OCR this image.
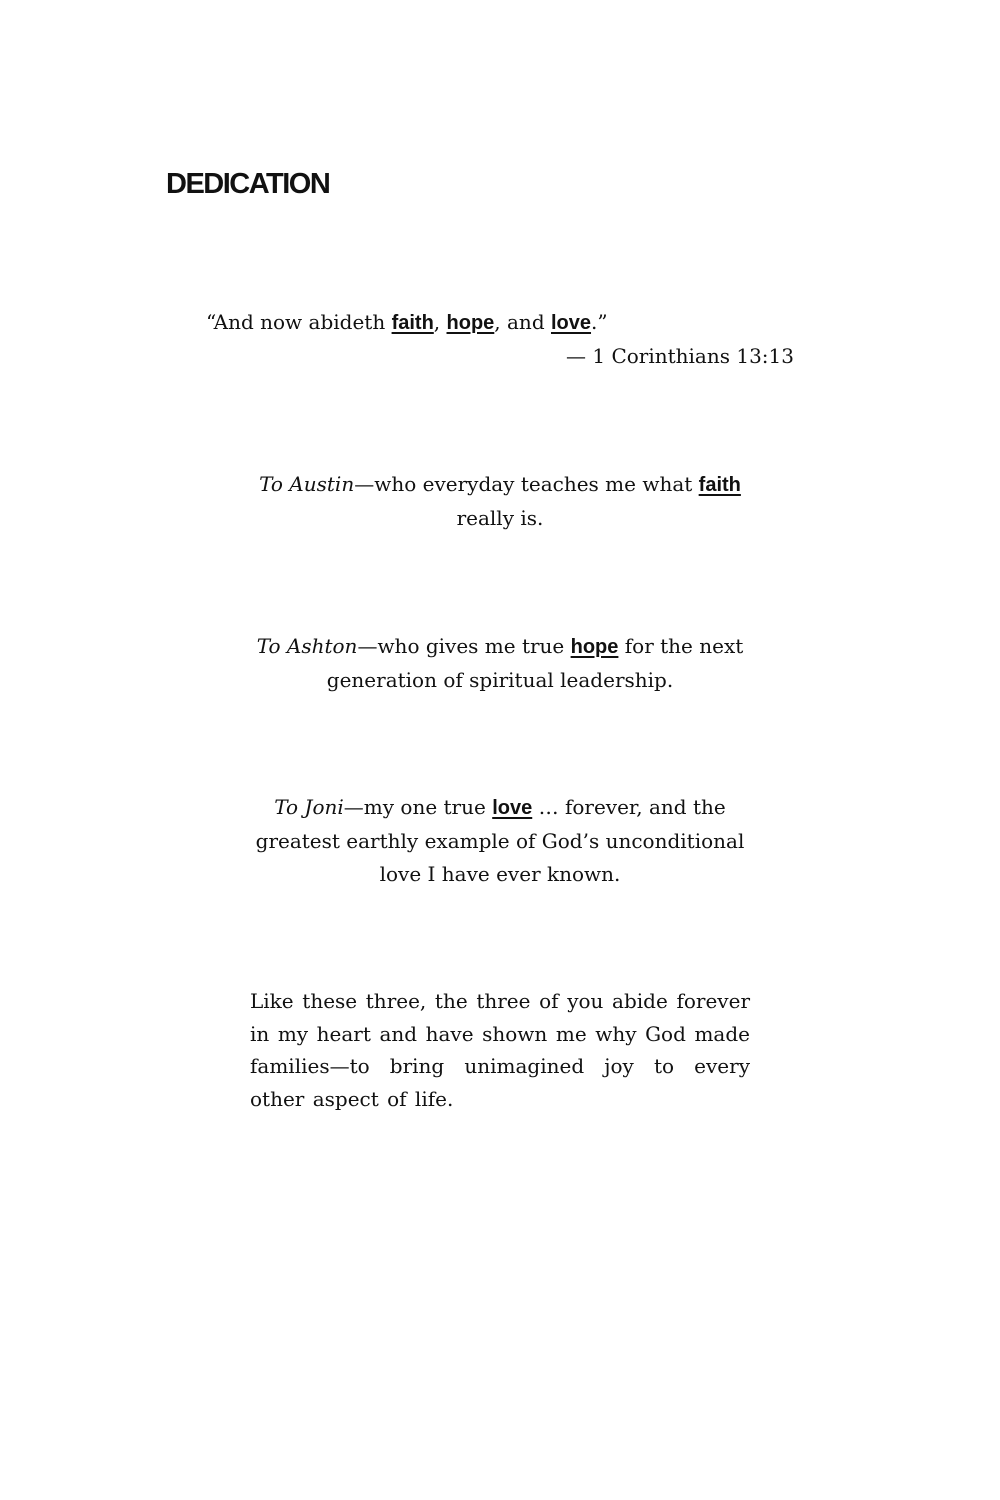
DEDICATION
“And now abideth faith, hope, and love.”
— 1 Corinthians 13:13

To Austin—who everyday teaches me what faith really is.

To Ashton—who gives me true hope for the next generation of spiritual leadership.

To Joni—my one true love … forever, and the greatest earthly example of God’s unconditional love I have ever known.

Like these three, the three of you abide forever in my heart and have shown me why God made families—to bring unimagined joy to every other aspect of life.
